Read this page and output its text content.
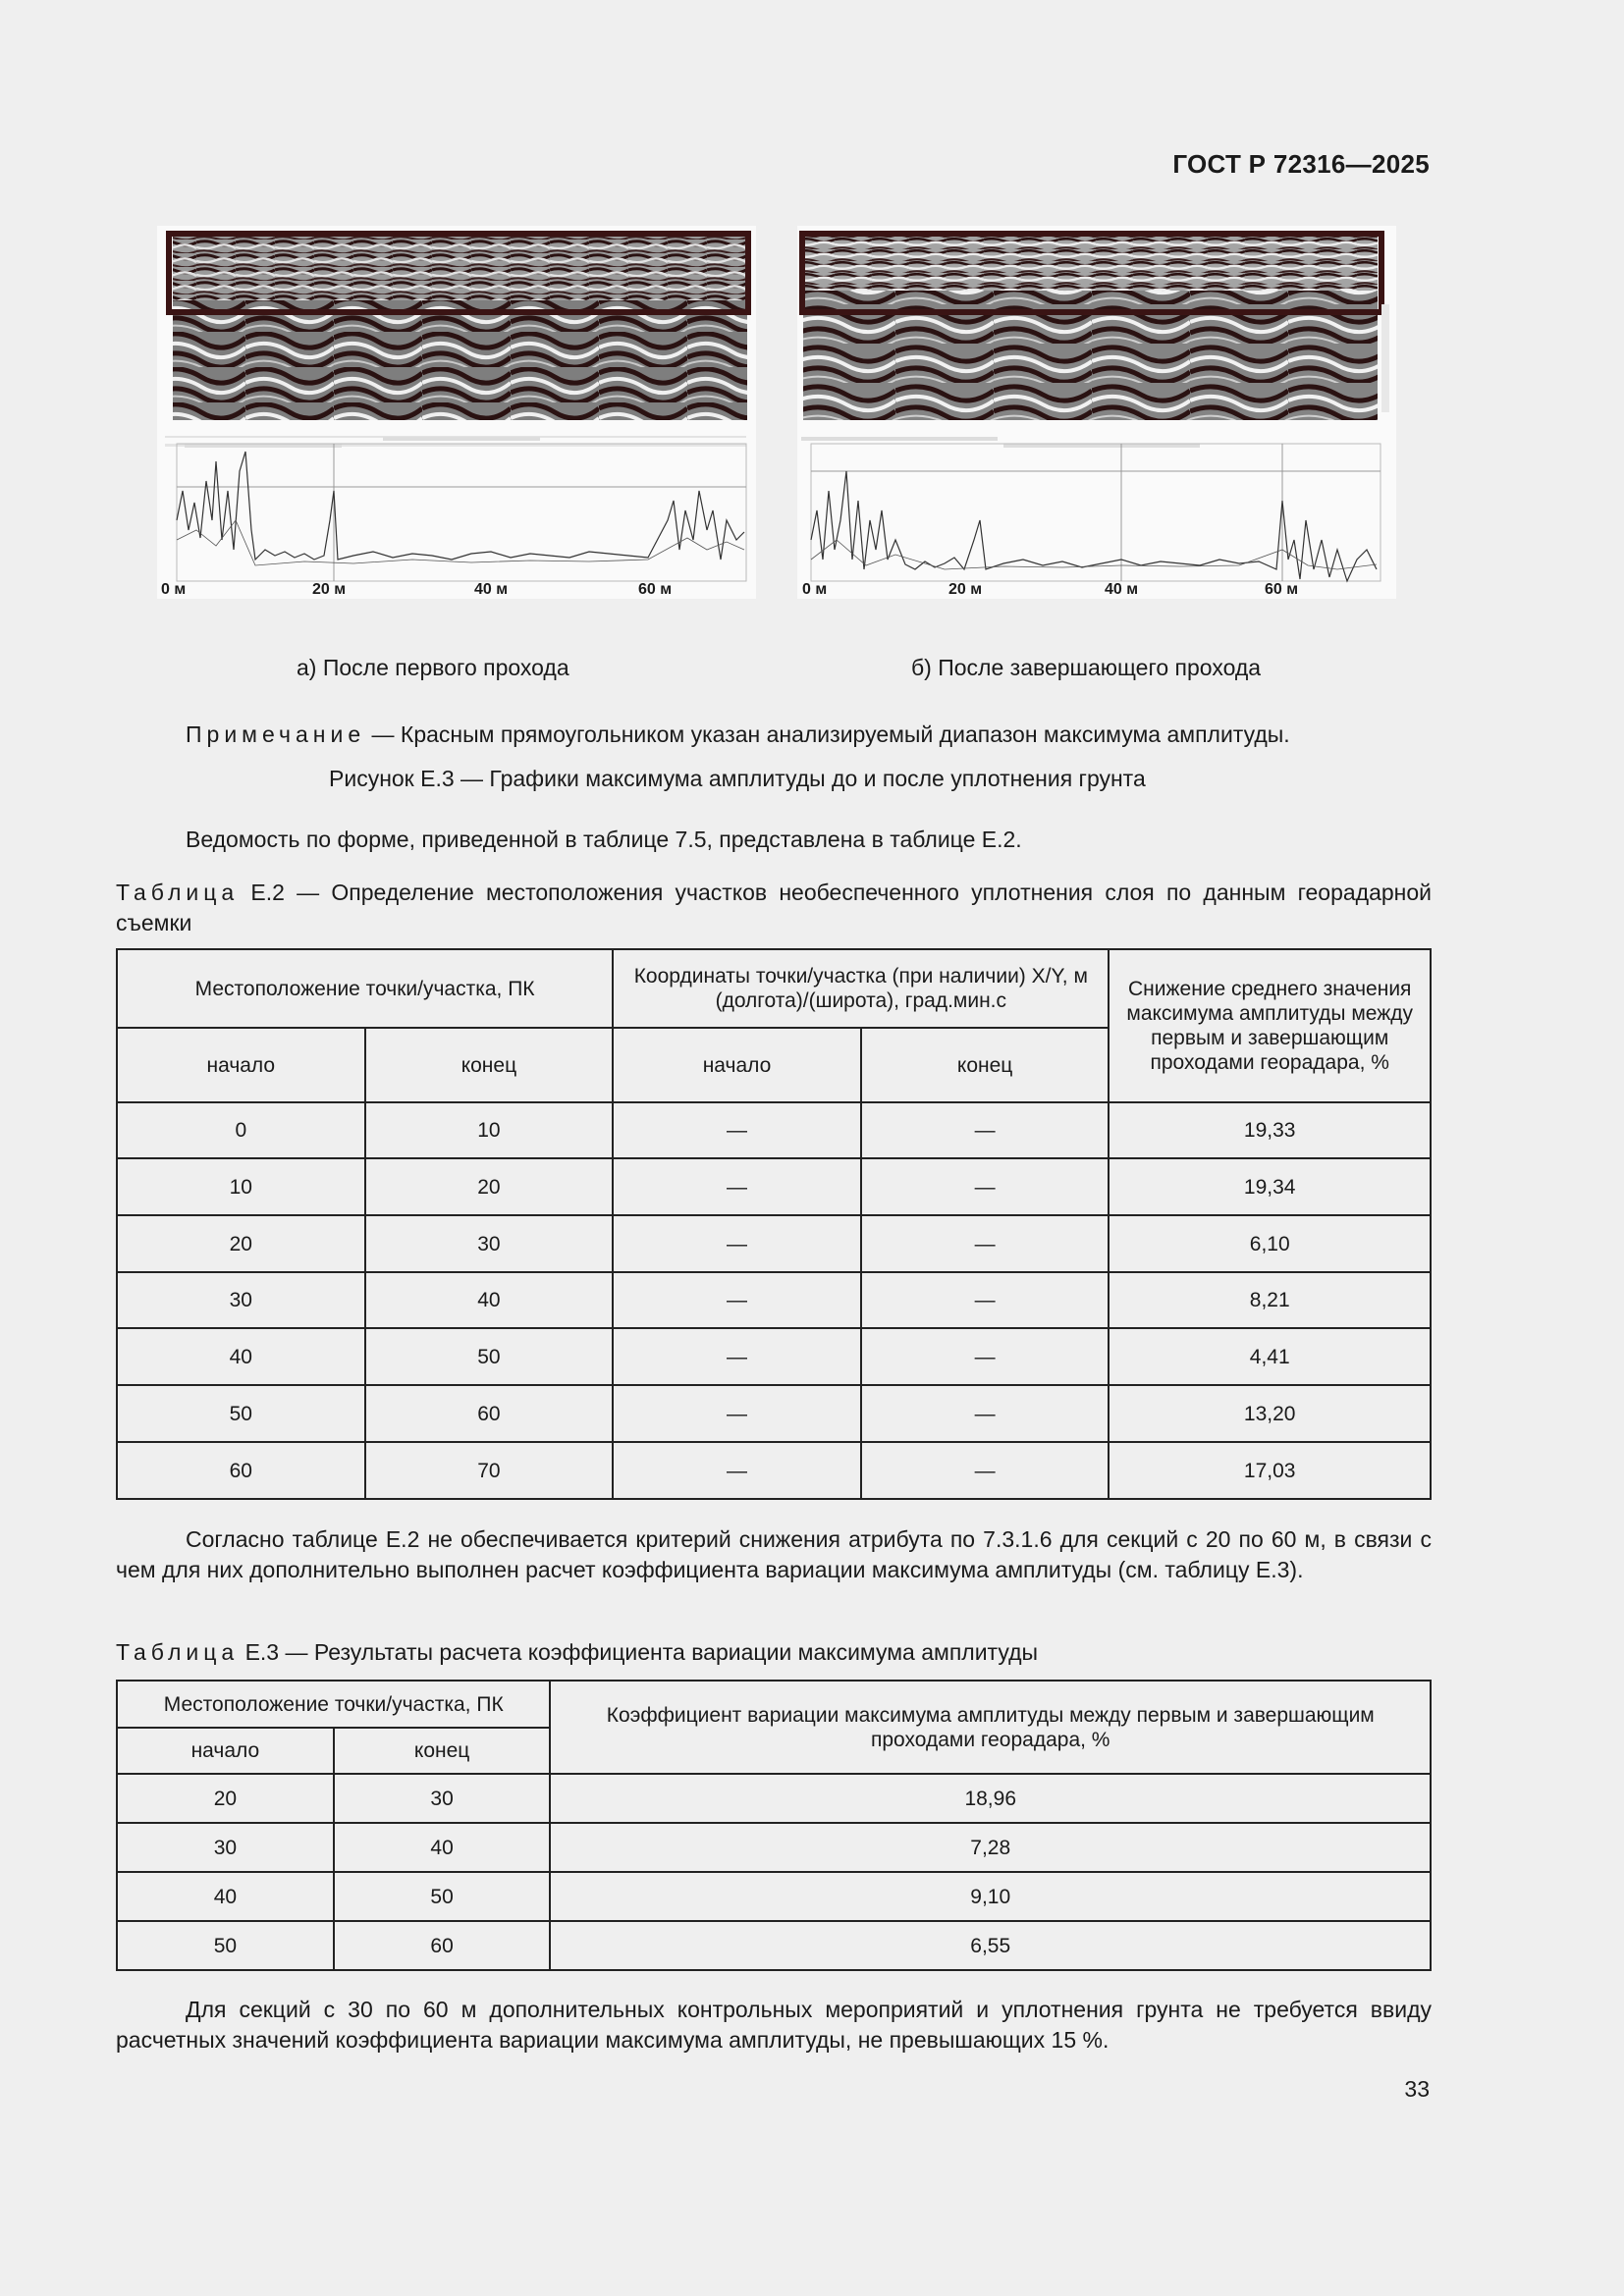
ГОСТ Р 72316—2025
0 м	20 м	40 м	60 м	0 м	20 м	40 м	60 м
а) После первого прохода	б) После завершающего прохода
Примечание — Красным прямоугольником указан анализируемый диапазон максимума амплитуды.
Рисунок Е.3 — Графики максимума амплитуды до и после уплотнения грунта
Ведомость по форме, приведенной в таблице 7.5, представлена в таблице Е.2.
Таблица Е.2 — Определение местоположения участков необеспеченного уплотнения слоя по данным георадарной съемки
Местоположение точки/участка, ПК		Координаты точки/участка (при наличии) X/Y, м (долгота)/(широта), град.мин.с		Снижение среднего значения максимума амплитуды между первым и завершающим проходами георадара, %
начало	конец	начало	конец	
0	10	—	—	19,33
10	20	—	—	19,34
20	30	—	—	6,10
30	40	—	—	8,21
40	50	—	—	4,41
50	60	—	—	13,20
60	70	—	—	17,03
Согласно таблице Е.2 не обеспечивается критерий снижения атрибута по 7.3.1.6 для секций с 20 по 60 м, в связи с чем для них дополнительно выполнен расчет коэффициента вариации максимума амплитуды (см. таблицу Е.3).
Таблица Е.3 — Результаты расчета коэффициента вариации максимума амплитуды
Местоположение точки/участка, ПК		Коэффициент вариации максимума амплитуды между первым и завершающим проходами георадара, %
начало	конец	
20	30	18,96
30	40	7,28
40	50	9,10
50	60	6,55
Для секций с 30 по 60 м дополнительных контрольных мероприятий и уплотнения грунта не требуется ввиду расчетных значений коэффициента вариации максимума амплитуды, не превышающих 15 %.
33
